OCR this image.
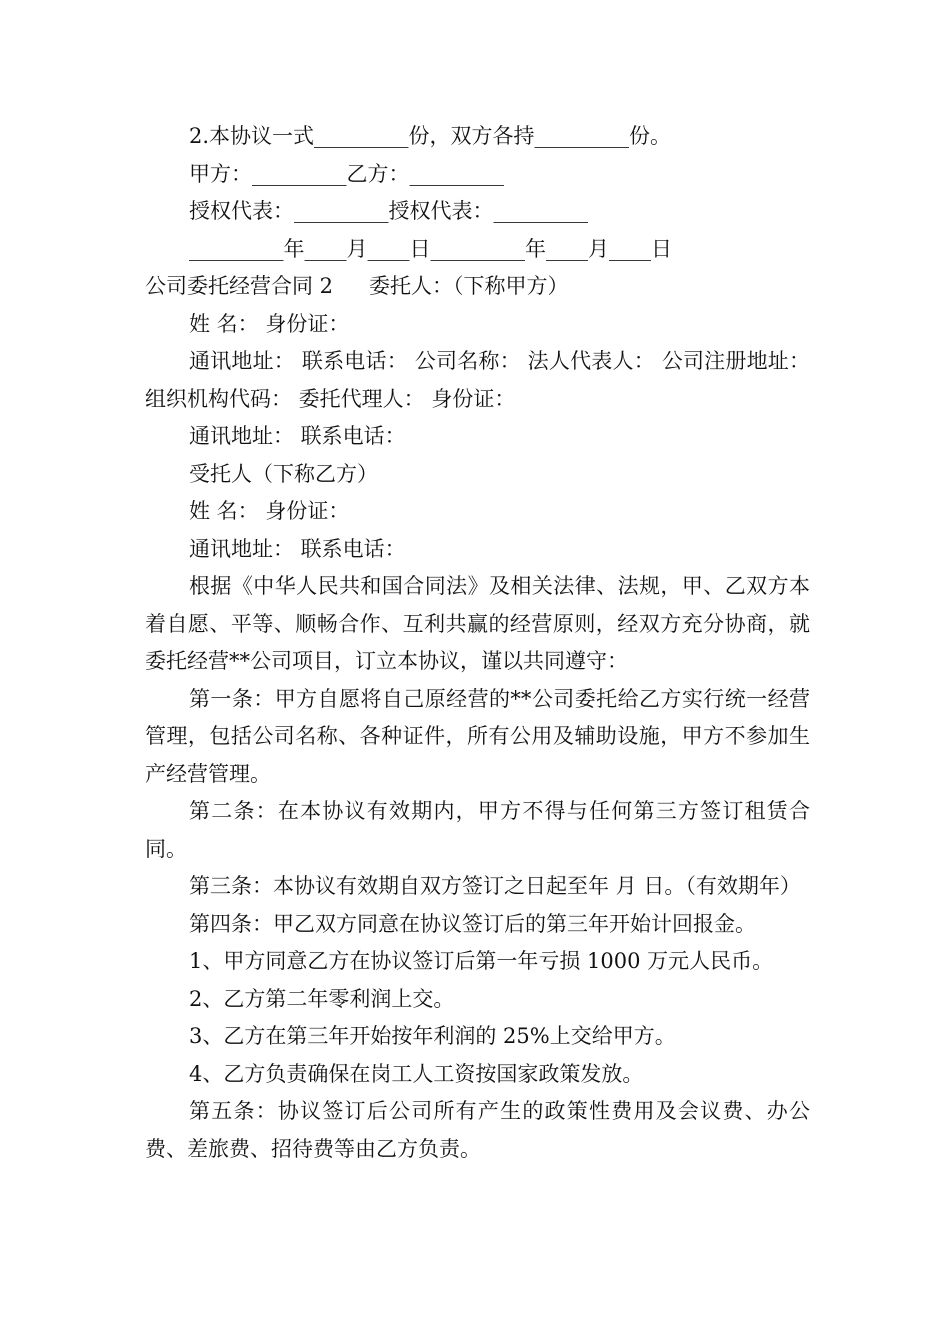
2.本协议一式_________份，双方各持_________份。

甲方：_________乙方：_________

授权代表：_________授权代表：_________

_________年____月____日_________年____月____日

公司委托经营合同 2 委托人：（下称甲方）

姓 名： 身份证：

通讯地址： 联系电话： 公司名称： 法人代表人： 公司注册地址：组织机构代码： 委托代理人： 身份证：

通讯地址： 联系电话：

受托人（下称乙方）

姓 名： 身份证：

通讯地址： 联系电话：

根据《中华人民共和国合同法》及相关法律、法规，甲、乙双方本着自愿、平等、顺畅合作、互利共赢的经营原则，经双方充分协商，就委托经营**公司项目，订立本协议，谨以共同遵守：

第一条：甲方自愿将自己原经营的**公司委托给乙方实行统一经营管理，包括公司名称、各种证件，所有公用及辅助设施，甲方不参加生产经营管理。

第二条：在本协议有效期内，甲方不得与任何第三方签订租赁合同。

第三条：本协议有效期自双方签订之日起至年 月 日。（有效期年）

第四条：甲乙双方同意在协议签订后的第三年开始计回报金。

1、甲方同意乙方在协议签订后第一年亏损 1000 万元人民币。

2、乙方第二年零利润上交。

3、乙方在第三年开始按年利润的 25%上交给甲方。

4、乙方负责确保在岗工人工资按国家政策发放。

第五条：协议签订后公司所有产生的政策性费用及会议费、办公费、差旅费、招待费等由乙方负责。
